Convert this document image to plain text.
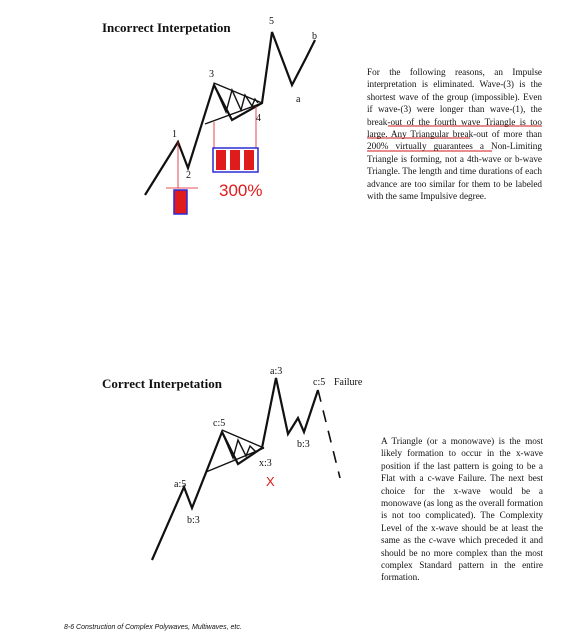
Incorrect Interpetation
1
2
3
4
5
a
b
300%
For the following reasons, an Impulse interpretation is eliminated. Wave-(3) is the shortest wave of the group (impossible). Even if wave-(3) were longer than wave-(1), the break-out of the fourth wave Triangle is too large. Any Triangular break-out of more than 200% virtually guarantees a Non-Limiting Triangle is forming, not a 4th-wave or b-wave Triangle. The length and time durations of each advance are too similar for them to be labeled with the same Impulsive degree.
Correct Interpetation
a:5
b:3
c:5
x:3
a:3
b:3
c:5 Failure
X
A Triangle (or a monowave) is the most likely formation to occur in the x-wave position if the last pattern is going to be a Flat with a c-wave Failure. The next best choice for the x-wave would be a monowave (as long as the overall formation is not too complicated). The Complexity Level of the x-wave should be at least the same as the c-wave which preceded it and should be no more complex than the most complex Standard pattern in the entire formation.
8-6 Construction of Complex Polywaves, Multiwaves, etc.
